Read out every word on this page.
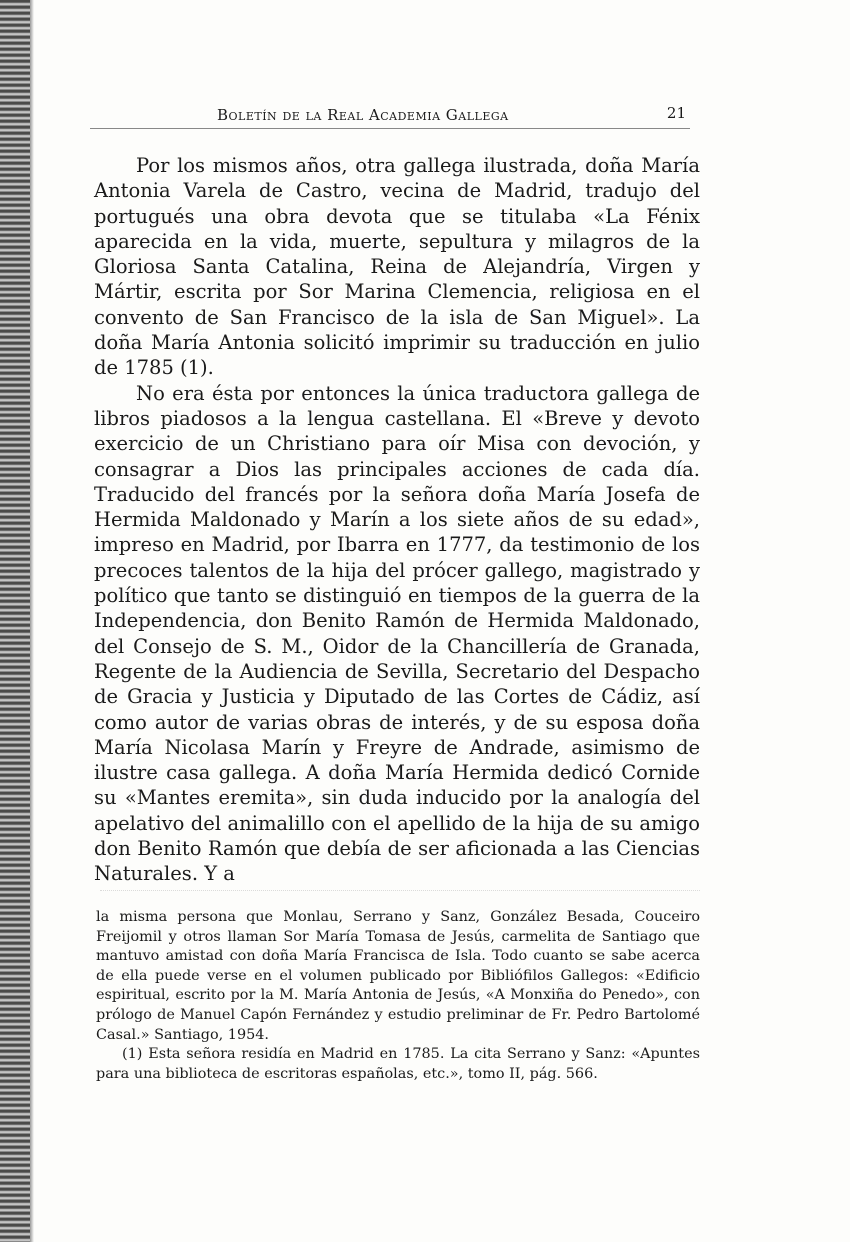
Boletín de la Real Academia Gallega	21

Por los mismos años, otra gallega ilustrada, doña María Antonia Varela de Castro, vecina de Madrid, tradujo del portugués una obra devota que se titulaba «La Fénix aparecida en la vida, muerte, sepultura y milagros de la Gloriosa Santa Catalina, Reina de Alejandría, Virgen y Mártir, escrita por Sor Marina Clemencia, religiosa en el convento de San Francisco de la isla de San Miguel». La doña María Antonia solicitó imprimir su traducción en julio de 1785 (1).

No era ésta por entonces la única traductora gallega de libros piadosos a la lengua castellana. El «Breve y devoto exercicio de un Christiano para oír Misa con devoción, y consagrar a Dios las principales acciones de cada día. Traducido del francés por la señora doña María Josefa de Hermida Maldonado y Marín a los siete años de su edad», impreso en Madrid, por Ibarra en 1777, da testimonio de los precoces talentos de la hija del prócer gallego, magistrado y político que tanto se distinguió en tiempos de la guerra de la Independencia, don Benito Ramón de Hermida Maldonado, del Consejo de S. M., Oidor de la Chancillería de Granada, Regente de la Audiencia de Sevilla, Secretario del Despacho de Gracia y Justicia y Diputado de las Cortes de Cádiz, así como autor de varias obras de interés, y de su esposa doña María Nicolasa Marín y Freyre de Andrade, asimismo de ilustre casa gallega. A doña María Hermida dedicó Cornide su «Mantes eremita», sin duda inducido por la analogía del apelativo del animalillo con el apellido de la hija de su amigo don Benito Ramón que debía de ser aficionada a las Ciencias Naturales. Y a

la misma persona que Monlau, Serrano y Sanz, González Besada, Couceiro Freijomil y otros llaman Sor María Tomasa de Jesús, carmelita de Santiago que mantuvo amistad con doña María Francisca de Isla. Todo cuanto se sabe acerca de ella puede verse en el volumen publicado por Bibliófilos Gallegos: «Edificio espiritual, escrito por la M. María Antonia de Jesús, «A Monxiña do Penedo», con prólogo de Manuel Capón Fernández y estudio preliminar de Fr. Pedro Bartolomé Casal.» Santiago, 1954.

(1) Esta señora residía en Madrid en 1785. La cita Serrano y Sanz: «Apuntes para una biblioteca de escritoras españolas, etc.», tomo II, pág. 566.
